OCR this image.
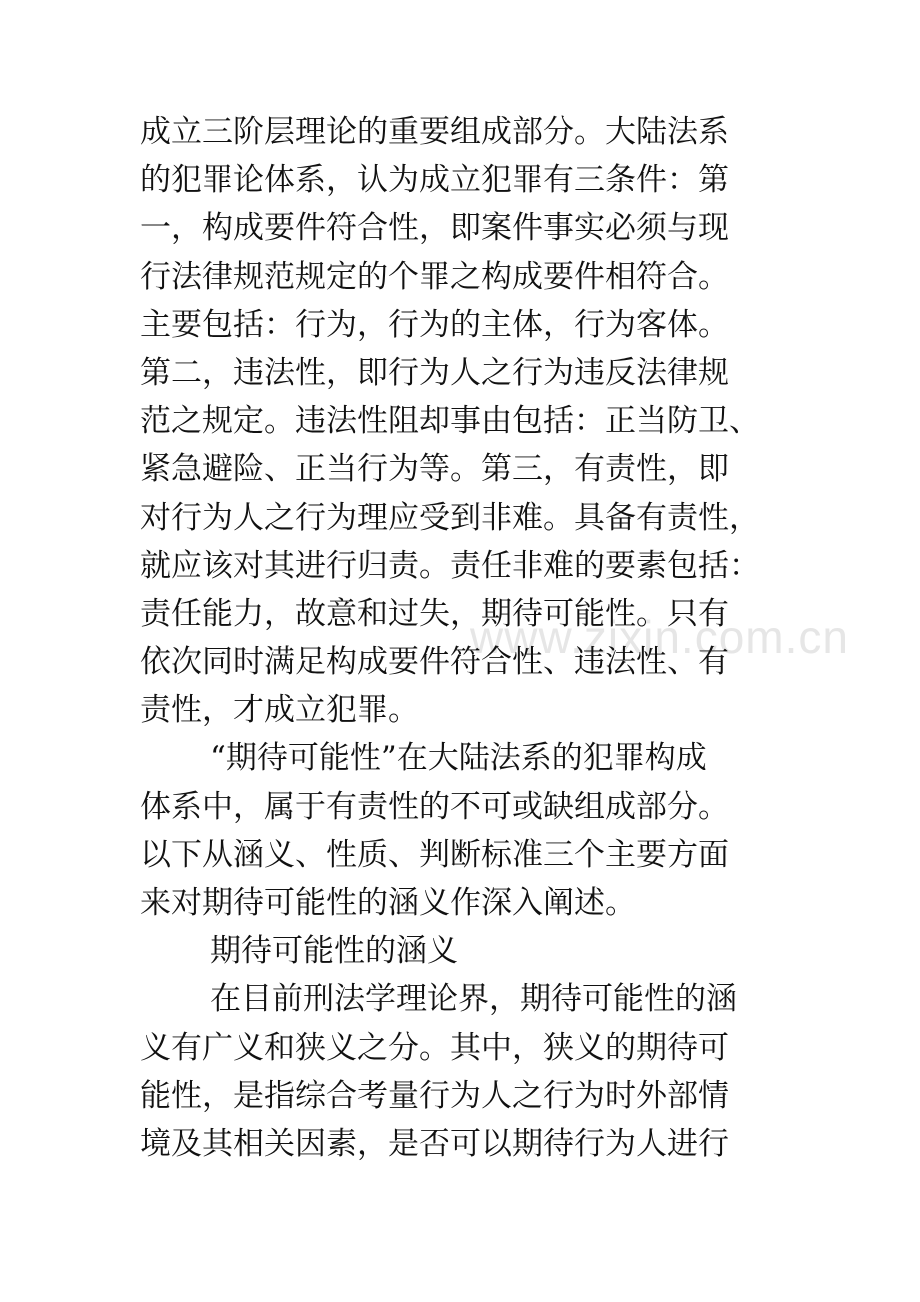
www.zixin.com.cn
成立三阶层理论的重要组成部分。大陆法系
的犯罪论体系，认为成立犯罪有三条件：第
一，构成要件符合性，即案件事实必须与现
行法律规范规定的个罪之构成要件相符合。
主要包括：行为，行为的主体，行为客体。
第二，违法性，即行为人之行为违反法律规
范之规定。违法性阻却事由包括：正当防卫、
紧急避险、正当行为等。第三，有责性，即
对行为人之行为理应受到非难。具备有责性，
就应该对其进行归责。责任非难的要素包括：
责任能力，故意和过失，期待可能性。只有
依次同时满足构成要件符合性、违法性、有
责性，才成立犯罪。
“期待可能性”在大陆法系的犯罪构成
体系中，属于有责性的不可或缺组成部分。
以下从涵义、性质、判断标准三个主要方面
来对期待可能性的涵义作深入阐述。
期待可能性的涵义
在目前刑法学理论界，期待可能性的涵
义有广义和狭义之分。其中，狭义的期待可
能性，是指综合考量行为人之行为时外部情
境及其相关因素，是否可以期待行为人进行
